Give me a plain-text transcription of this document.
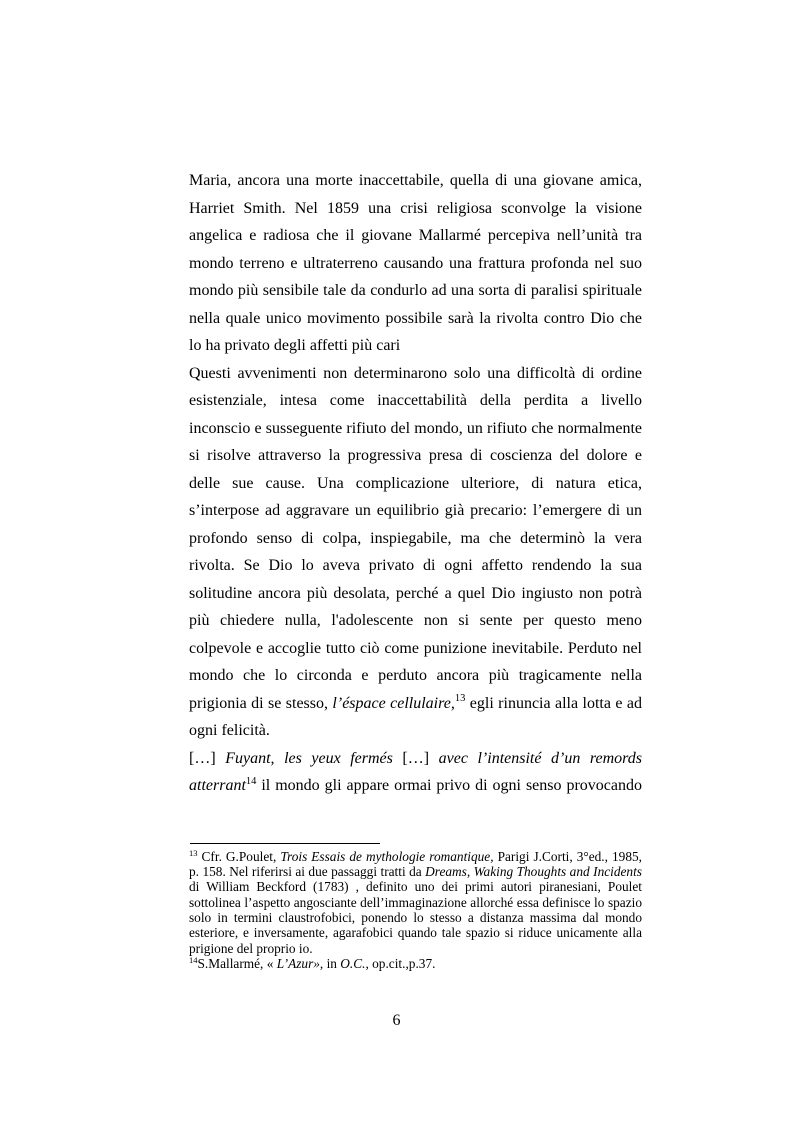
Maria, ancora una morte inaccettabile, quella di una giovane amica,
Harriet Smith. Nel 1859 una crisi religiosa sconvolge la visione
angelica e radiosa che il giovane Mallarmé percepiva nell’unità tra
mondo terreno e ultraterreno causando una frattura profonda nel suo
mondo più sensibile tale da condurlo ad una sorta di paralisi spirituale
nella quale unico movimento possibile sarà la rivolta contro Dio che
lo ha privato degli affetti più cari
Questi avvenimenti non determinarono solo una difficoltà di ordine
esistenziale, intesa come inaccettabilità della perdita a livello
inconscio e susseguente rifiuto del mondo, un rifiuto che normalmente
si risolve attraverso la progressiva presa di coscienza del dolore e
delle sue cause. Una complicazione ulteriore, di natura etica,
s’interpose ad aggravare un equilibrio già precario: l’emergere di un
profondo senso di colpa, inspiegabile, ma che determinò la vera
rivolta. Se Dio lo aveva privato di ogni affetto rendendo la sua
solitudine ancora più desolata, perché a quel Dio ingiusto non potrà
più chiedere nulla, l'adolescente non si sente per questo meno
colpevole e accoglie tutto ciò come punizione inevitabile. Perduto nel
mondo che lo circonda e perduto ancora più tragicamente nella
prigionia di se stesso, l’éspace cellulaire,$^{13}$ egli rinuncia alla lotta e ad
ogni felicità.
[…] Fuyant, les yeux fermés […] avec l’intensité d’un remords
atterrant$^{14}$ il mondo gli appare ormai privo di ogni senso provocando
$^{13}$ Cfr. G.Poulet, Trois Essais de mythologie romantique, Parigi J.Corti, 3°ed., 1985,
p. 158. Nel riferirsi ai due passaggi tratti da Dreams, Waking Thoughts and Incidents
di William Beckford (1783) , definito uno dei primi autori piranesiani, Poulet
sottolinea l’aspetto angosciante dell’immaginazione allorché essa definisce lo spazio
solo in termini claustrofobici, ponendo lo stesso a distanza massima dal mondo
esteriore, e inversamente, agarafobici quando tale spazio si riduce unicamente alla
prigione del proprio io.
$^{14}$S.Mallarmé, « L’Azur», in O.C., op.cit.,p.37.
6
